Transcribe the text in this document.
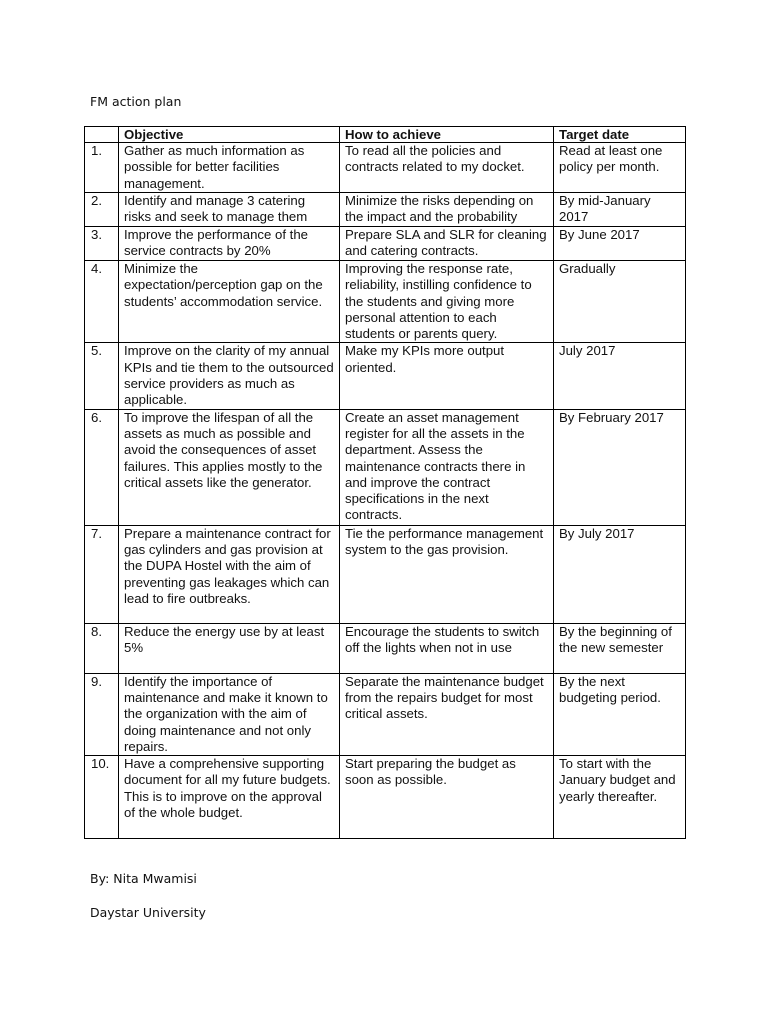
FM action plan
	Objective	How to achieve	Target date
1.	Gather as much information as possible for better facilities management.	To read all the policies and contracts related to my docket.	Read at least one policy per month.
2.	Identify and manage 3 catering risks and seek to manage them	Minimize the risks depending on the impact and the probability	By mid-January 2017
3.	Improve the performance of the service contracts by 20%	Prepare SLA and SLR for cleaning and catering contracts.	By June 2017
4.	Minimize the expectation/perception gap on the students’ accommodation service.	Improving the response rate, reliability, instilling confidence to the students and giving more personal attention to each students or parents query.	Gradually
5.	Improve on the clarity of my annual KPIs and tie them to the outsourced service providers as much as applicable.	Make my KPIs more output oriented.	July 2017
6.	To improve the lifespan of all the assets as much as possible and avoid the consequences of asset failures. This applies mostly to the critical assets like the generator.	Create an asset management register for all the assets in the department. Assess the maintenance contracts there in and improve the contract specifications in the next contracts.	By February 2017
7.	Prepare a maintenance contract for gas cylinders and gas provision at the DUPA Hostel with the aim of preventing gas leakages which can lead to fire outbreaks.	Tie the performance management system to the gas provision.	By July 2017
8.	Reduce the energy use by at least 5%	Encourage the students to switch off the lights when not in use	By the beginning of the new semester
9.	Identify the importance of maintenance and make it known to the organization with the aim of doing maintenance and not only repairs.	Separate the maintenance budget from the repairs budget for most critical assets.	By the next budgeting period.
10.	Have a comprehensive supporting document for all my future budgets. This is to improve on the approval of the whole budget.	Start preparing the budget as soon as possible.	To start with the January budget and yearly thereafter.
By: Nita Mwamisi
Daystar University
